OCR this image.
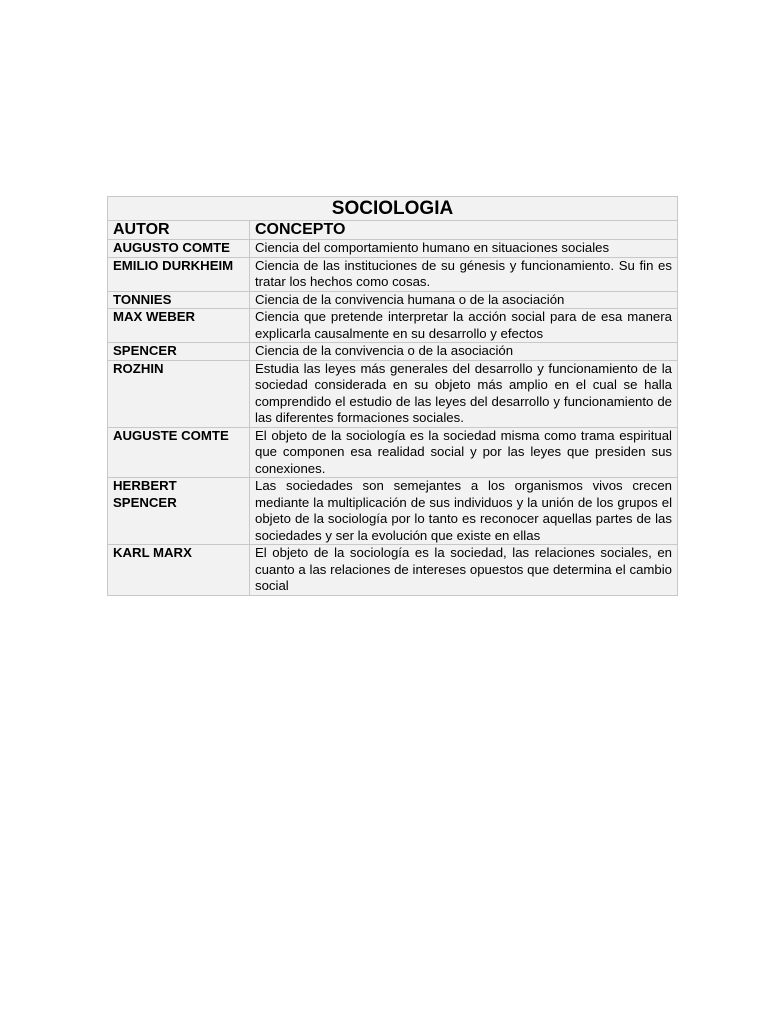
SOCIOLOGIA	
AUTOR	CONCEPTO
AUGUSTO COMTE	Ciencia del comportamiento humano en situaciones sociales
EMILIO DURKHEIM	Ciencia de las instituciones de su génesis y funcionamiento. Su fin es tratar los hechos como cosas.
TONNIES	Ciencia de la convivencia humana o de la asociación
MAX WEBER	Ciencia que pretende interpretar la acción social para de esa manera explicarla causalmente en su desarrollo y efectos
SPENCER	Ciencia de la convivencia o de la asociación
ROZHIN	Estudia las leyes más generales del desarrollo y funcionamiento de la sociedad considerada en su objeto más amplio en el cual se halla comprendido el estudio de las leyes del desarrollo y funcionamiento de las diferentes formaciones sociales.
AUGUSTE COMTE	El objeto de la sociología es la sociedad misma como trama espiritual que componen esa realidad social y por las leyes que presiden sus conexiones.
HERBERT SPENCER	Las sociedades son semejantes a los organismos vivos crecen mediante la multiplicación de sus individuos y la unión de los grupos el objeto de la sociología por lo tanto es reconocer aquellas partes de las sociedades y ser la evolución que existe en ellas
KARL MARX	El objeto de la sociología es la sociedad, las relaciones sociales, en cuanto a las relaciones de intereses opuestos que determina el cambio social
